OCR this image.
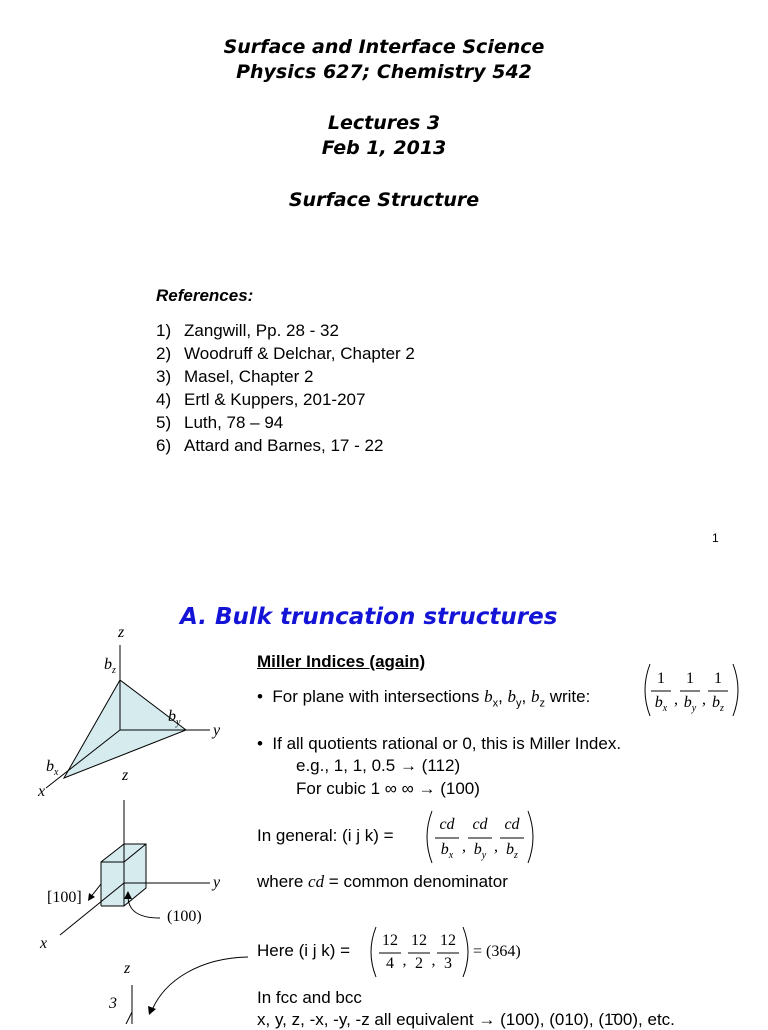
Surface and Interface Science
Physics 627; Chemistry 542
Lectures 3
Feb 1, 2013
Surface Structure
References:
1) Zangwill, Pp. 28 - 32
2) Woodruff & Delchar, Chapter 2
3) Masel, Chapter 2
4) Ertl & Kuppers, 201-207
5) Luth, 78 – 94
6) Attard and Barnes, 17 - 22
1
A. Bulk truncation structures
z
$b_z$
$b_y$ y
$b_x$
x
z
y
[100]
(100)
x
z
3
Miller Indices (again)
• For plane with intersections $b_x$, $b_y$, $b_z$ write:
1
$b_x$
,
1
$b_y$
,
1
$b_z$
• If all quotients rational or 0, this is Miller Index.
e.g., 1, 1, 0.5 → (112)
For cubic 1 ∞ ∞ → (100)
In general: (i j k) =
cd
$b_x$
,
cd
$b_y$
,
cd
$b_z$
where cd = common denominator
Here (i j k) =
12
4 ,
12
2 ,
12
3
= (364)
In fcc and bcc
x, y, z, -x, -y, -z all equivalent → (100), (010), (1̄00), etc.
